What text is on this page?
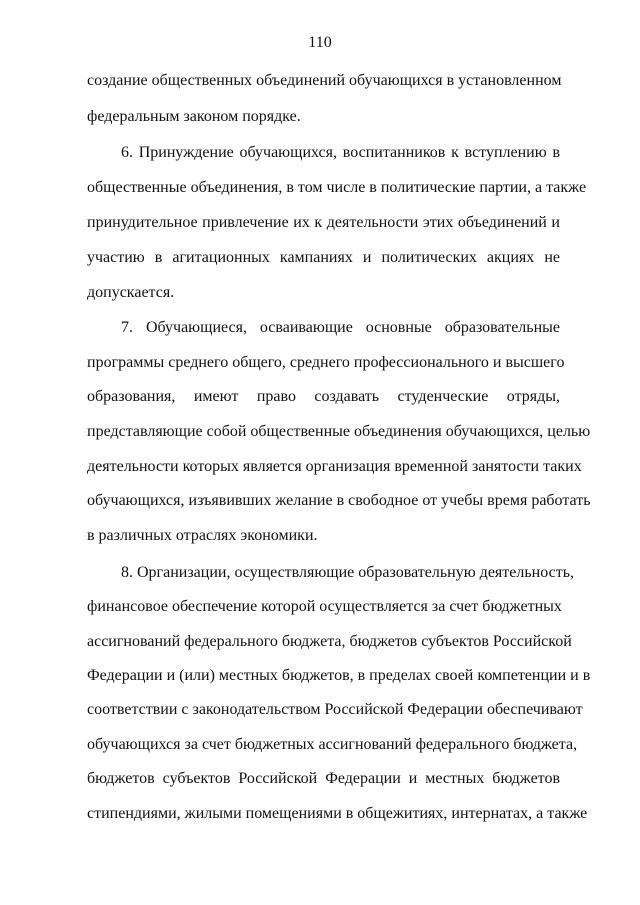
110
создание общественных объединений обучающихся в установленном
федеральным законом порядке.
6. Принуждение обучающихся, воспитанников к вступлению в
общественные объединения, в том числе в политические партии, а также
принудительное привлечение их к деятельности этих объединений и
участию в агитационных кампаниях и политических акциях не
допускается.
7. Обучающиеся, осваивающие основные образовательные
программы среднего общего, среднего профессионального и высшего
образования, имеют право создавать студенческие отряды,
представляющие собой общественные объединения обучающихся, целью
деятельности которых является организация временной занятости таких
обучающихся, изъявивших желание в свободное от учебы время работать
в различных отраслях экономики.
8. Организации, осуществляющие образовательную деятельность,
финансовое обеспечение которой осуществляется за счет бюджетных
ассигнований федерального бюджета, бюджетов субъектов Российской
Федерации и (или) местных бюджетов, в пределах своей компетенции и в
соответствии с законодательством Российской Федерации обеспечивают
обучающихся за счет бюджетных ассигнований федерального бюджета,
бюджетов субъектов Российской Федерации и местных бюджетов
стипендиями, жилыми помещениями в общежитиях, интернатах, а также
